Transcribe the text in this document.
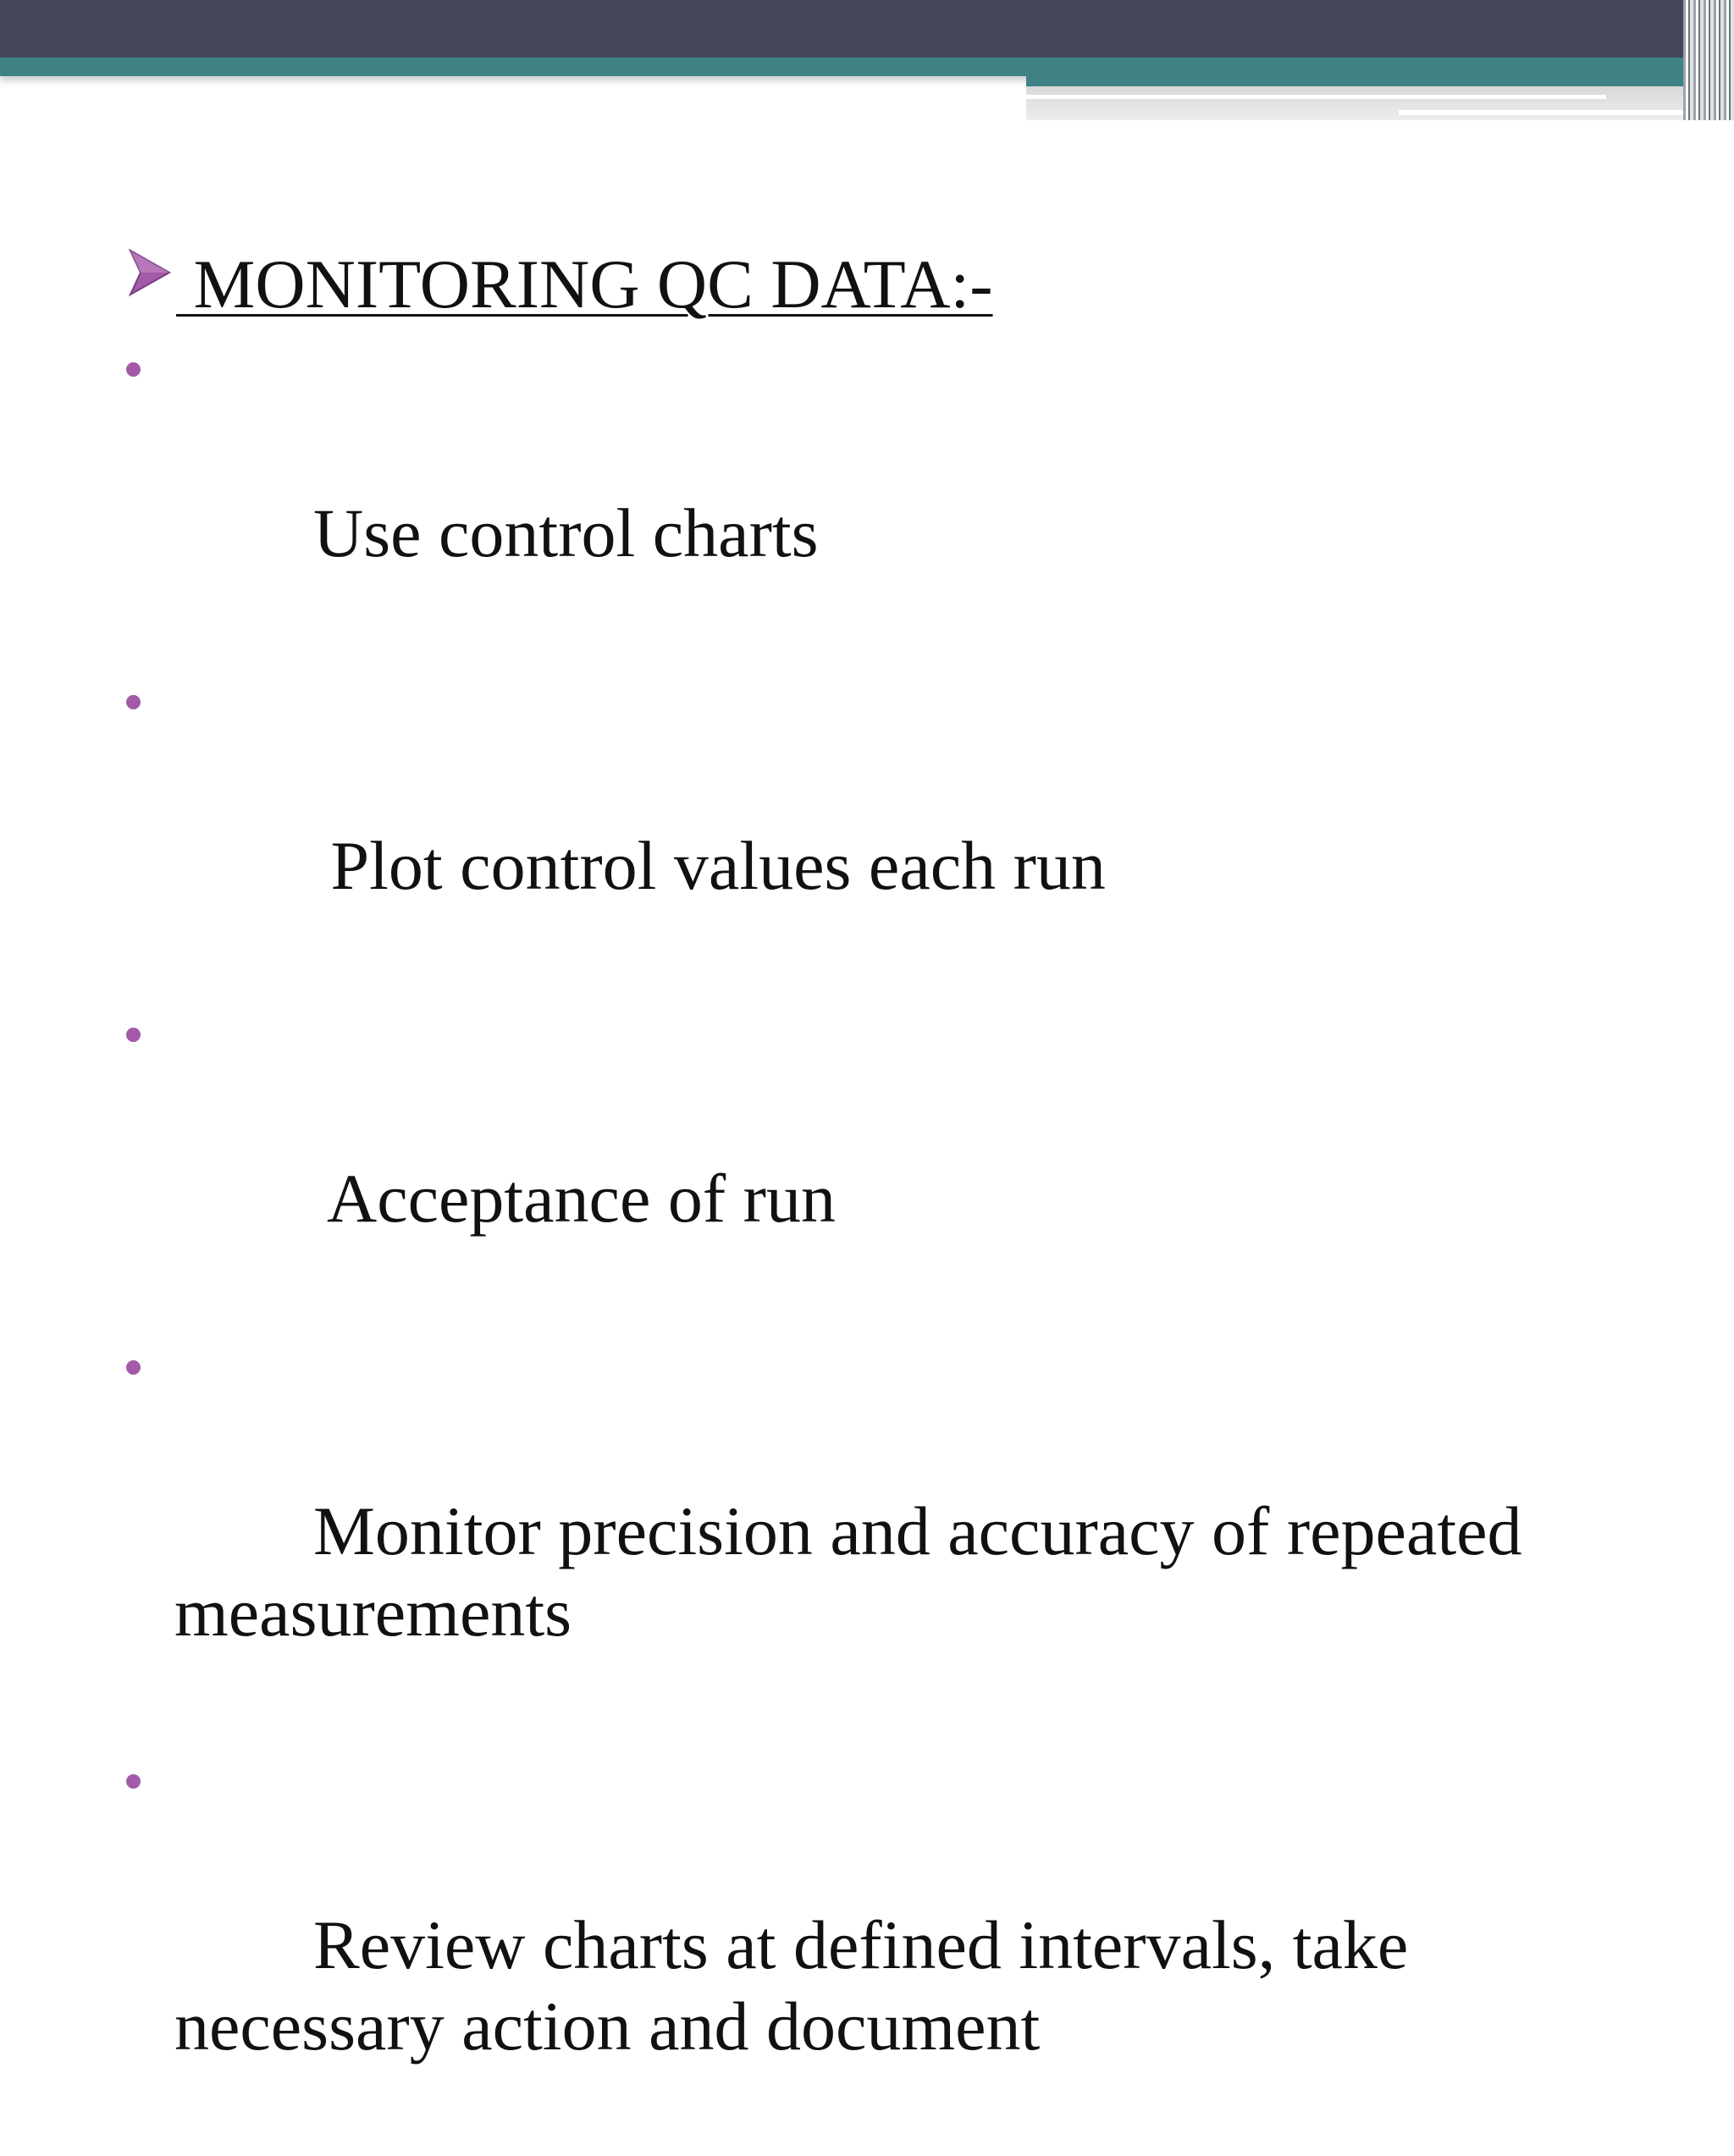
MONITORING QC DATA:-

Use control charts

Plot control values each run

Acceptance of run

Monitor precision and accuracy of repeated measurements

Review charts at defined intervals, take necessary action and document
